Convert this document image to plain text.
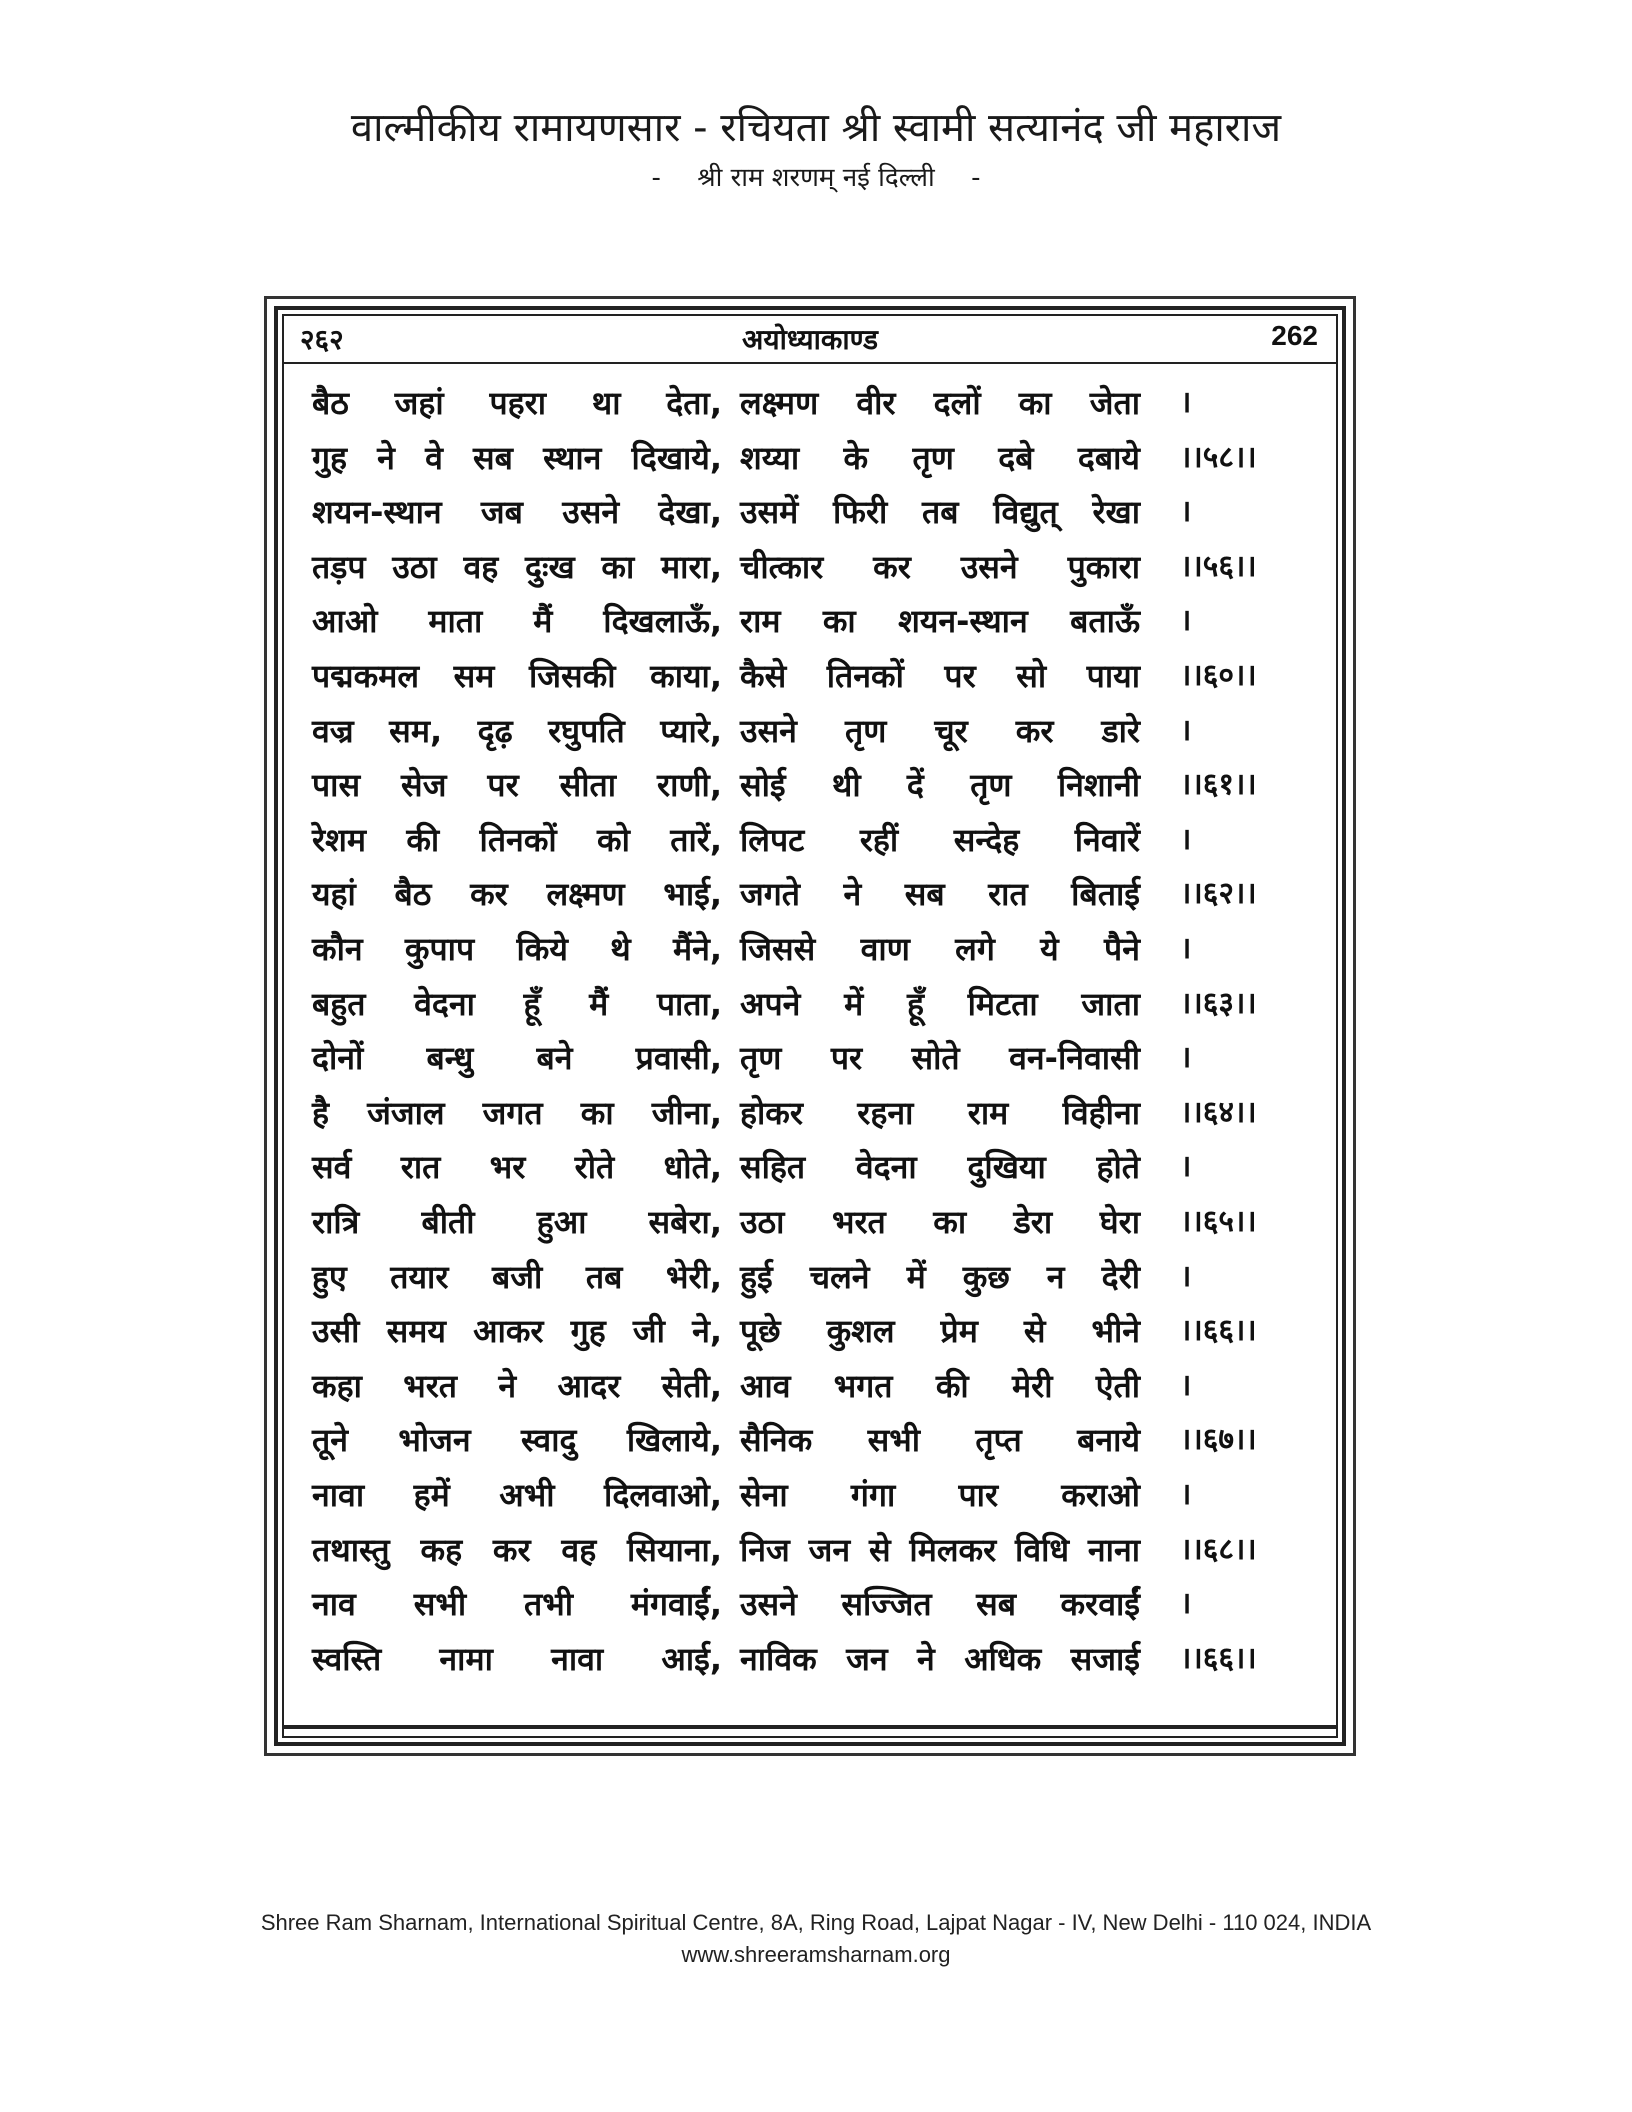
वाल्मीकीय रामायणसार - रचियता श्री स्वामी सत्यानंद जी महाराज
- श्री राम शरणम् नई दिल्ली -
२६२	अयोध्याकाण्ड	262
बैठ जहां पहरा था देता, लक्ष्मण वीर दलों का जेता ।
गुह ने वे सब स्थान दिखाये, शय्या के तृण दबे दबाये ।।५८।।
शयन-स्थान जब उसने देखा, उसमें फिरी तब विद्युत् रेखा ।
तड़प उठा वह दुःख का मारा, चीत्कार कर उसने पुकारा ।।५६।।
आओ माता मैं दिखलाऊँ, राम का शयन-स्थान बताऊँ ।
पद्मकमल सम जिसकी काया, कैसे तिनकों पर सो पाया ।।६०।।
वज्र सम, दृढ़ रघुपति प्यारे, उसने तृण चूर कर डारे ।
पास सेज पर सीता राणी, सोई थी दें तृण निशानी ।।६१।।
रेशम की तिनकों को तारें, लिपट रहीं सन्देह निवारें ।
यहां बैठ कर लक्ष्मण भाई, जगते ने सब रात बिताई ।।६२।।
कौन कुपाप किये थे मैंने, जिससे वाण लगे ये पैने ।
बहुत वेदना हूँ मैं पाता, अपने में हूँ मिटता जाता ।।६३।।
दोनों बन्धु बने प्रवासी, तृण पर सोते वन-निवासी ।
है जंजाल जगत का जीना, होकर रहना राम विहीना ।।६४।।
सर्व रात भर रोते धोते, सहित वेदना दुखिया होते ।
रात्रि बीती हुआ सबेरा, उठा भरत का डेरा घेरा ।।६५।।
हुए तयार बजी तब भेरी, हुई चलने में कुछ न देरी ।
उसी समय आकर गुह जी ने, पूछे कुशल प्रेम से भीने ।।६६।।
कहा भरत ने आदर सेती, आव भगत की मेरी ऐती ।
तूने भोजन स्वादु खिलाये, सैनिक सभी तृप्त बनाये ।।६७।।
नावा हमें अभी दिलवाओ, सेना गंगा पार कराओ ।
तथास्तु कह कर वह सियाना, निज जन से मिलकर विधि नाना ।।६८।।
नाव सभी तभी मंगवाईं, उसने सज्जित सब करवाईं ।
स्वस्ति नामा नावा आई, नाविक जन ने अधिक सजाई ।।६६।।
Shree Ram Sharnam, International Spiritual Centre, 8A, Ring Road, Lajpat Nagar - IV, New Delhi - 110 024, INDIA
www.shreeramsharnam.org
